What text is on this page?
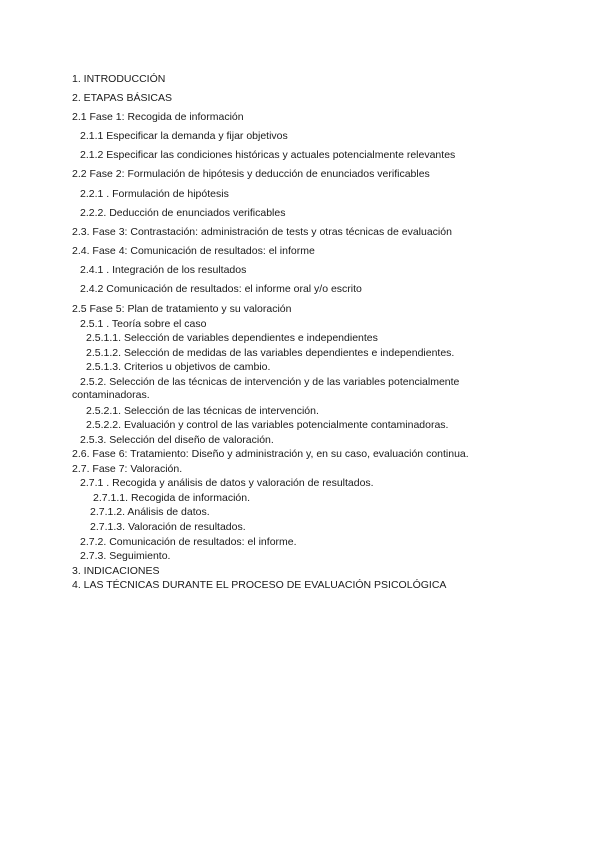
1. INTRODUCCIÓN
2. ETAPAS BÁSICAS
2.1 Fase 1: Recogida de información
2.1.1 Especificar la demanda y fijar objetivos
2.1.2 Especificar las condiciones históricas y actuales potencialmente relevantes
2.2 Fase 2: Formulación de hipótesis y deducción de enunciados verificables
2.2.1 . Formulación de hipótesis
2.2.2. Deducción de enunciados verificables
2.3. Fase 3: Contrastación: administración de tests y otras técnicas de evaluación
2.4. Fase 4: Comunicación de resultados: el informe
2.4.1 . Integración de los resultados
2.4.2 Comunicación de resultados: el informe oral y/o escrito
2.5 Fase 5: Plan de tratamiento y su valoración
2.5.1 . Teoría sobre el caso
2.5.1.1. Selección de variables dependientes e independientes
2.5.1.2. Selección de medidas de las variables dependientes e independientes.
2.5.1.3. Criterios u objetivos de cambio.
2.5.2. Selección de las técnicas de intervención y de las variables potencialmente contaminadoras.
2.5.2.1. Selección de las técnicas de intervención.
2.5.2.2. Evaluación y control de las variables potencialmente contaminadoras.
2.5.3. Selección del diseño de valoración.
2.6. Fase 6: Tratamiento: Diseño y administración y, en su caso, evaluación continua.
2.7. Fase 7: Valoración.
2.7.1 . Recogida y análisis de datos y valoración de resultados.
2.7.1.1. Recogida de información.
2.7.1.2. Análisis de datos.
2.7.1.3. Valoración de resultados.
2.7.2. Comunicación de resultados: el informe.
2.7.3. Seguimiento.
3. INDICACIONES
4. LAS TÉCNICAS DURANTE EL PROCESO DE EVALUACIÓN PSICOLÓGICA
